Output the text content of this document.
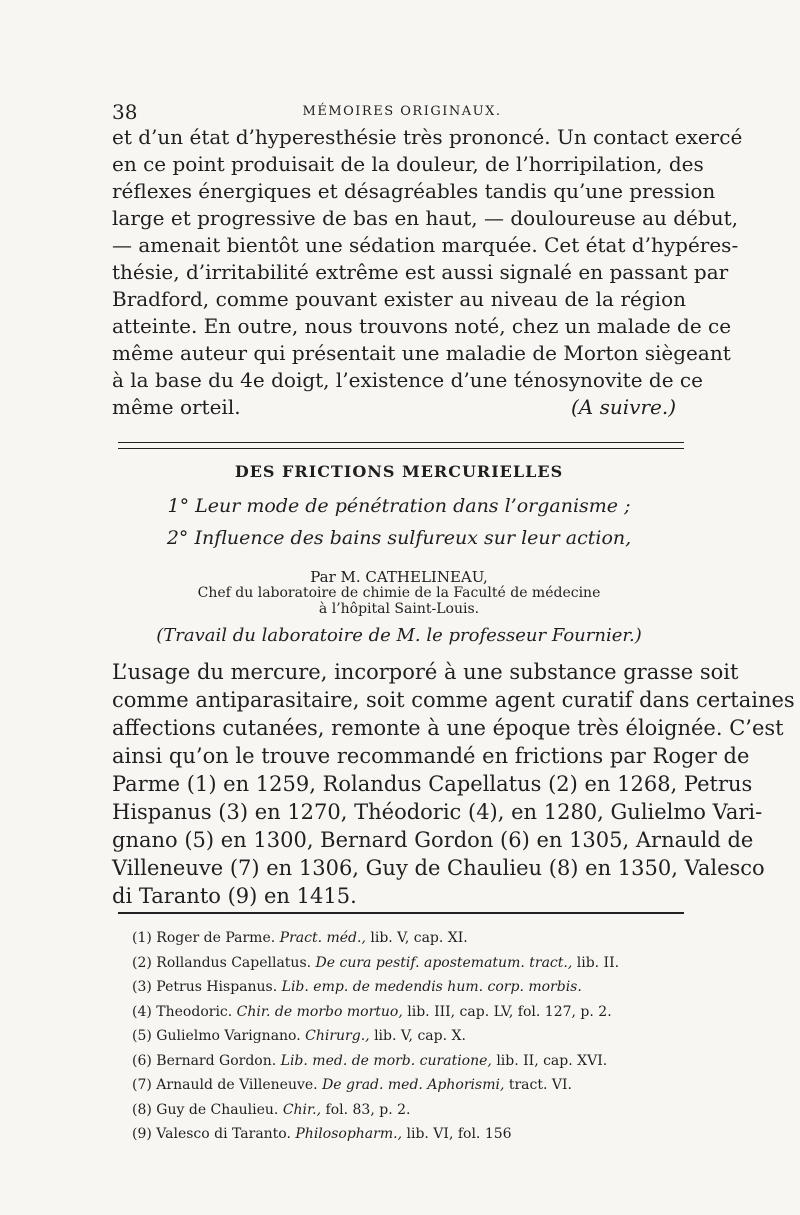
38	MÉMOIRES ORIGINAUX.

et d’un état d’hyperesthésie très prononcé. Un contact exercé
en ce point produisait de la douleur, de l’horripilation, des
réflexes énergiques et désagréables tandis qu’une pression
large et progressive de bas en haut, — douloureuse au début,
— amenait bientôt une sédation marquée. Cet état d’hypéres-
thésie, d’irritabilité extrême est aussi signalé en passant par
Bradford, comme pouvant exister au niveau de la région
atteinte. En outre, nous trouvons noté, chez un malade de ce
même auteur qui présentait une maladie de Morton siègeant
à la base du 4e doigt, l’existence d’une ténosynovite de ce
même orteil.	(A suivre.)

DES FRICTIONS MERCURIELLES
1° Leur mode de pénétration dans l’organisme ;
2° Influence des bains sulfureux sur leur action,
Par M. CATHELINEAU,
Chef du laboratoire de chimie de la Faculté de médecine
à l’hôpital Saint-Louis.
(Travail du laboratoire de M. le professeur Fournier.)

L’usage du mercure, incorporé à une substance grasse soit
comme antiparasitaire, soit comme agent curatif dans certaines
affections cutanées, remonte à une époque très éloignée. C’est
ainsi qu’on le trouve recommandé en frictions par Roger de
Parme (1) en 1259, Rolandus Capellatus (2) en 1268, Petrus
Hispanus (3) en 1270, Théodoric (4), en 1280, Gulielmo Vari-
gnano (5) en 1300, Bernard Gordon (6) en 1305, Arnauld de
Villeneuve (7) en 1306, Guy de Chaulieu (8) en 1350, Valesco
di Taranto (9) en 1415.

(1) Roger de Parme. Pract. méd., lib. V, cap. XI.
(2) Rollandus Capellatus. De cura pestif. apostematum. tract., lib. II.
(3) Petrus Hispanus. Lib. emp. de medendis hum. corp. morbis.
(4) Theodoric. Chir. de morbo mortuo, lib. III, cap. LV, fol. 127, p. 2.
(5) Gulielmo Varignano. Chirurg., lib. V, cap. X.
(6) Bernard Gordon. Lib. med. de morb. curatione, lib. II, cap. XVI.
(7) Arnauld de Villeneuve. De grad. med. Aphorismi, tract. VI.
(8) Guy de Chaulieu. Chir., fol. 83, p. 2.
(9) Valesco di Taranto. Philosopharm., lib. VI, fol. 156
